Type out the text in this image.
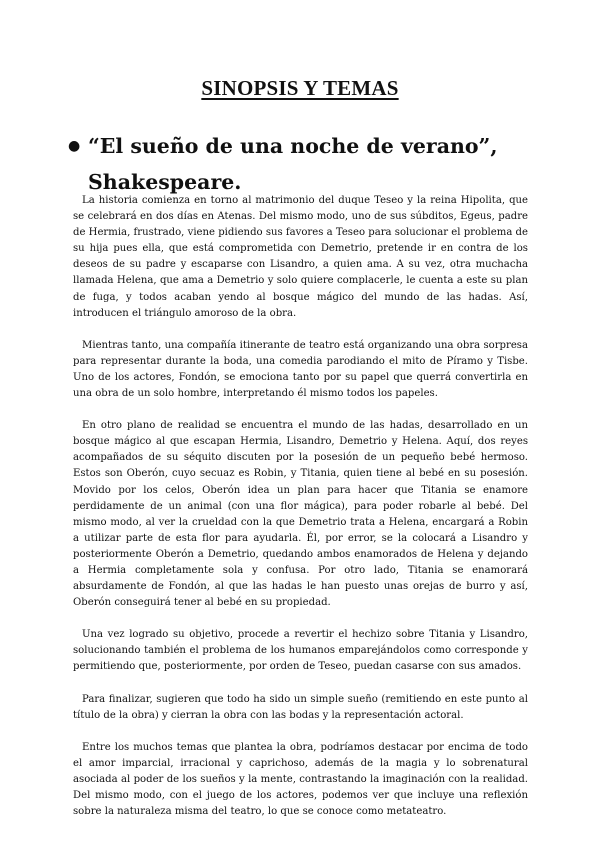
SINOPSIS Y TEMAS
● “El sueño de una noche de verano”, Shakespeare.

La historia comienza en torno al matrimonio del duque Teseo y la reina Hipolita, que se celebrará en dos días en Atenas. Del mismo modo, uno de sus súbditos, Egeus, padre de Hermia, frustrado, viene pidiendo sus favores a Teseo para solucionar el problema de su hija pues ella, que está comprometida con Demetrio, pretende ir en contra de los deseos de su padre y escaparse con Lisandro, a quien ama. A su vez, otra muchacha llamada Helena, que ama a Demetrio y solo quiere complacerle, le cuenta a este su plan de fuga, y todos acaban yendo al bosque mágico del mundo de las hadas. Así, introducen el triángulo amoroso de la obra.

Mientras tanto, una compañía itinerante de teatro está organizando una obra sorpresa para representar durante la boda, una comedia parodiando el mito de Píramo y Tisbe. Uno de los actores, Fondón, se emociona tanto por su papel que querrá convertirla en una obra de un solo hombre, interpretando él mismo todos los papeles.

En otro plano de realidad se encuentra el mundo de las hadas, desarrollado en un bosque mágico al que escapan Hermia, Lisandro, Demetrio y Helena. Aquí, dos reyes acompañados de su séquito discuten por la posesión de un pequeño bebé hermoso. Estos son Oberón, cuyo secuaz es Robin, y Titania, quien tiene al bebé en su posesión. Movido por los celos, Oberón idea un plan para hacer que Titania se enamore perdidamente de un animal (con una flor mágica), para poder robarle al bebé. Del mismo modo, al ver la crueldad con la que Demetrio trata a Helena, encargará a Robin a utilizar parte de esta flor para ayudarla. Él, por error, se la colocará a Lisandro y posteriormente Oberón a Demetrio, quedando ambos enamorados de Helena y dejando a Hermia completamente sola y confusa. Por otro lado, Titania se enamorará absurdamente de Fondón, al que las hadas le han puesto unas orejas de burro y así, Oberón conseguirá tener al bebé en su propiedad.

Una vez logrado su objetivo, procede a revertir el hechizo sobre Titania y Lisandro, solucionando también el problema de los humanos emparejándolos como corresponde y permitiendo que, posteriormente, por orden de Teseo, puedan casarse con sus amados.

Para finalizar, sugieren que todo ha sido un simple sueño (remitiendo en este punto al título de la obra) y cierran la obra con las bodas y la representación actoral.

Entre los muchos temas que plantea la obra, podríamos destacar por encima de todo el amor imparcial, irracional y caprichoso, además de la magia y lo sobrenatural asociada al poder de los sueños y la mente, contrastando la imaginación con la realidad. Del mismo modo, con el juego de los actores, podemos ver que incluye una reflexión sobre la naturaleza misma del teatro, lo que se conoce como metateatro.
